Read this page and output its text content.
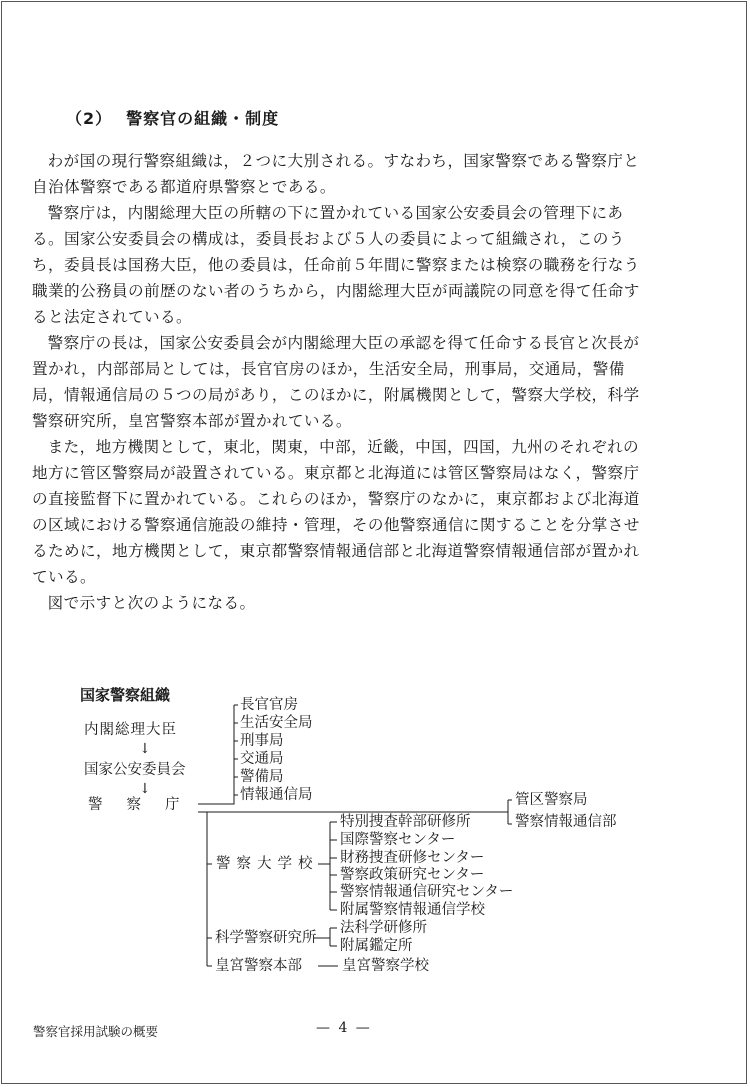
（2） 警察官の組織・制度

わが国の現行警察組織は，２つに大別される。すなわち，国家警察である警察庁と自治体警察である都道府県警察とである。

警察庁は，内閣総理大臣の所轄の下に置かれている国家公安委員会の管理下にある。国家公安委員会の構成は，委員長および５人の委員によって組織され，このうち，委員長は国務大臣，他の委員は，任命前５年間に警察または検察の職務を行なう職業的公務員の前歴のない者のうちから，内閣総理大臣が両議院の同意を得て任命すると法定されている。

警察庁の長は，国家公安委員会が内閣総理大臣の承認を得て任命する長官と次長が置かれ，内部部局としては，長官官房のほか，生活安全局，刑事局，交通局，警備局，情報通信局の５つの局があり，このほかに，附属機関として，警察大学校，科学警察研究所，皇宮警察本部が置かれている。

また，地方機関として，東北，関東，中部，近畿，中国，四国，九州のそれぞれの地方に管区警察局が設置されている。東京都と北海道には管区警察局はなく，警察庁の直接監督下に置かれている。これらのほか，警察庁のなかに，東京都および北海道の区域における警察通信施設の維持・管理，その他警察通信に関することを分掌させるために，地方機関として，東京都警察情報通信部と北海道警察情報通信部が置かれている。

図で示すと次のようになる。

国家警察組織
内閣総理大臣
↓
国家公安委員会
↓
警察庁
長官官房
生活安全局
刑事局
交通局
警備局
情報通信局	管区警察局
警察情報通信部
警察大学校
特別捜査幹部研修所
国際警察センター
財務捜査研修センター
警察政策研究センター
警察情報通信研究センター
附属警察情報通信学校
科学警察研究所
法科学研修所
附属鑑定所
皇宮警察本部	皇宮警察学校
警察官採用試験の概要	— 4 —
